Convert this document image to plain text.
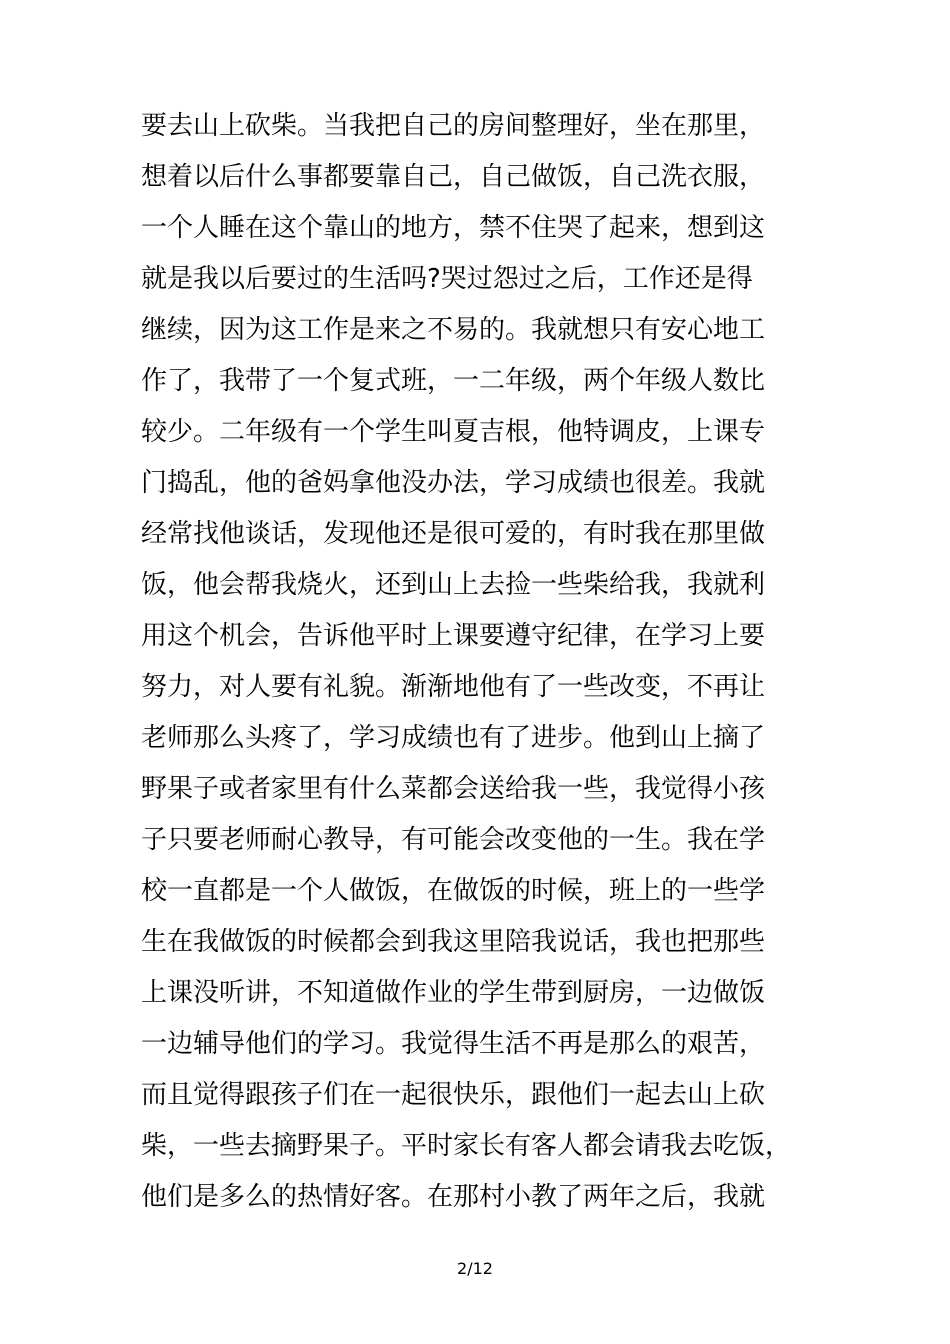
要去山上砍柴。当我把自己的房间整理好，坐在那里，
想着以后什么事都要靠自己，自己做饭，自己洗衣服，
一个人睡在这个靠山的地方，禁不住哭了起来，想到这
就是我以后要过的生活吗?哭过怨过之后，工作还是得
继续，因为这工作是来之不易的。我就想只有安心地工
作了，我带了一个复式班，一二年级，两个年级人数比
较少。二年级有一个学生叫夏吉根，他特调皮，上课专
门捣乱，他的爸妈拿他没办法，学习成绩也很差。我就
经常找他谈话，发现他还是很可爱的，有时我在那里做
饭，他会帮我烧火，还到山上去捡一些柴给我，我就利
用这个机会，告诉他平时上课要遵守纪律，在学习上要
努力，对人要有礼貌。渐渐地他有了一些改变，不再让
老师那么头疼了，学习成绩也有了进步。他到山上摘了
野果子或者家里有什么菜都会送给我一些，我觉得小孩
子只要老师耐心教导，有可能会改变他的一生。我在学
校一直都是一个人做饭，在做饭的时候，班上的一些学
生在我做饭的时候都会到我这里陪我说话，我也把那些
上课没听讲，不知道做作业的学生带到厨房，一边做饭
一边辅导他们的学习。我觉得生活不再是那么的艰苦，
而且觉得跟孩子们在一起很快乐，跟他们一起去山上砍
柴，一些去摘野果子。平时家长有客人都会请我去吃饭，
他们是多么的热情好客。在那村小教了两年之后，我就
2/12
